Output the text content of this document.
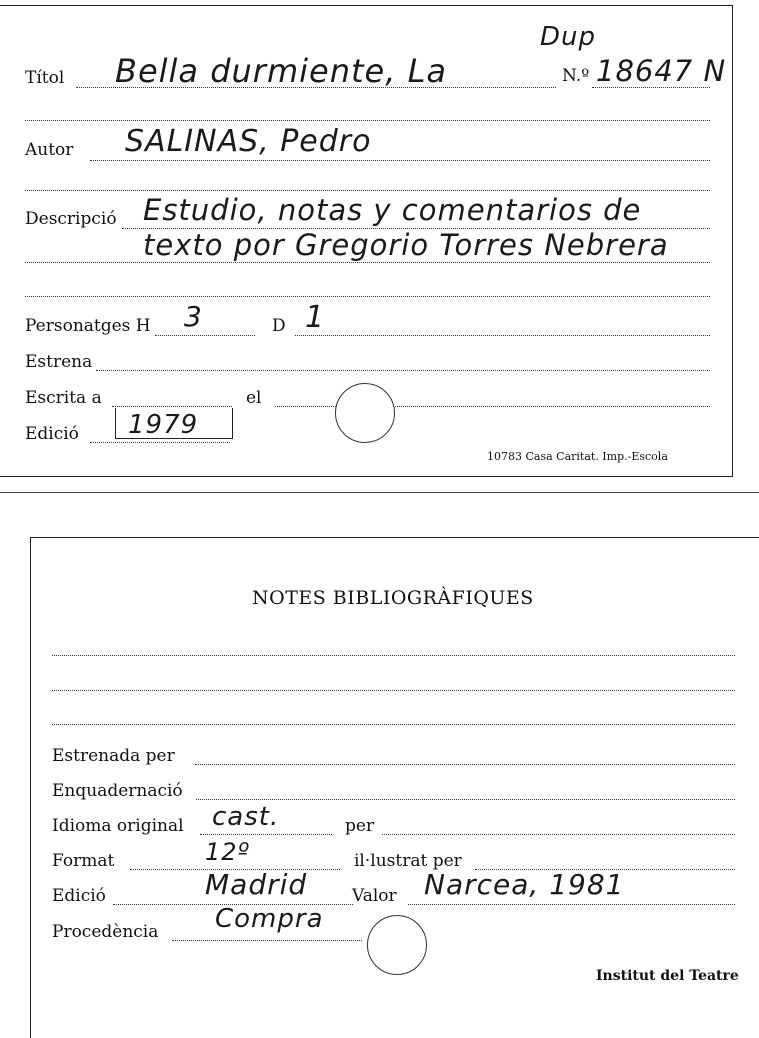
Dup
Títol Bella durmiente, La	N.º 18647 N
Autor SALINAS, Pedro
Descripció Estudio, notas y comentarios de
texto por Gregorio Torres Nebrera
Personatges H 3	D 1
Estrena
Escrita a	el
Edició 1979
10783 Casa Caritat. Imp.-Escola
NOTES BIBLIOGRÀFIQUES
Estrenada per
Enquadernació
Idioma original cast.	per
Format	12º	il·lustrat per
Edició	Madrid	Valor Narcea, 1981
Procedència Compra
Institut del Teatre
